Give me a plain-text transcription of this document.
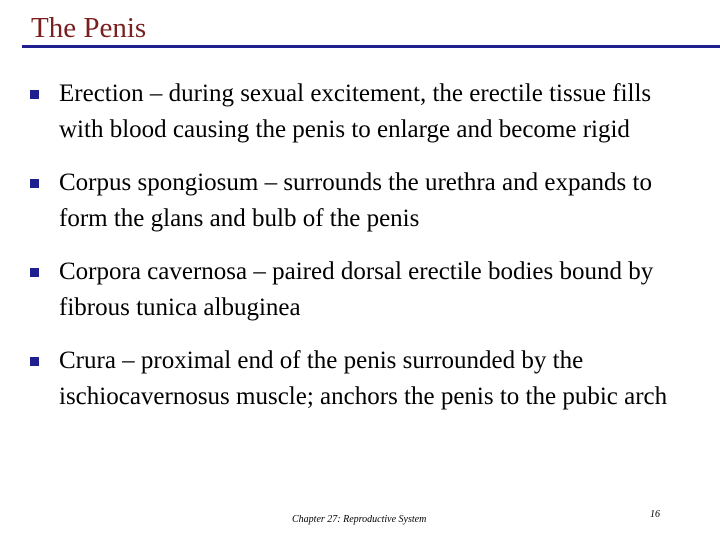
The Penis
Erection – during sexual excitement, the erectile tissue fills with blood causing the penis to enlarge and become rigid
Corpus spongiosum – surrounds the urethra and expands to form the glans and bulb of the penis
Corpora cavernosa – paired dorsal erectile bodies bound by fibrous tunica albuginea
Crura – proximal end of the penis surrounded by the ischiocavernosus muscle; anchors the penis to the pubic arch
Chapter 27: Reproductive System	16
